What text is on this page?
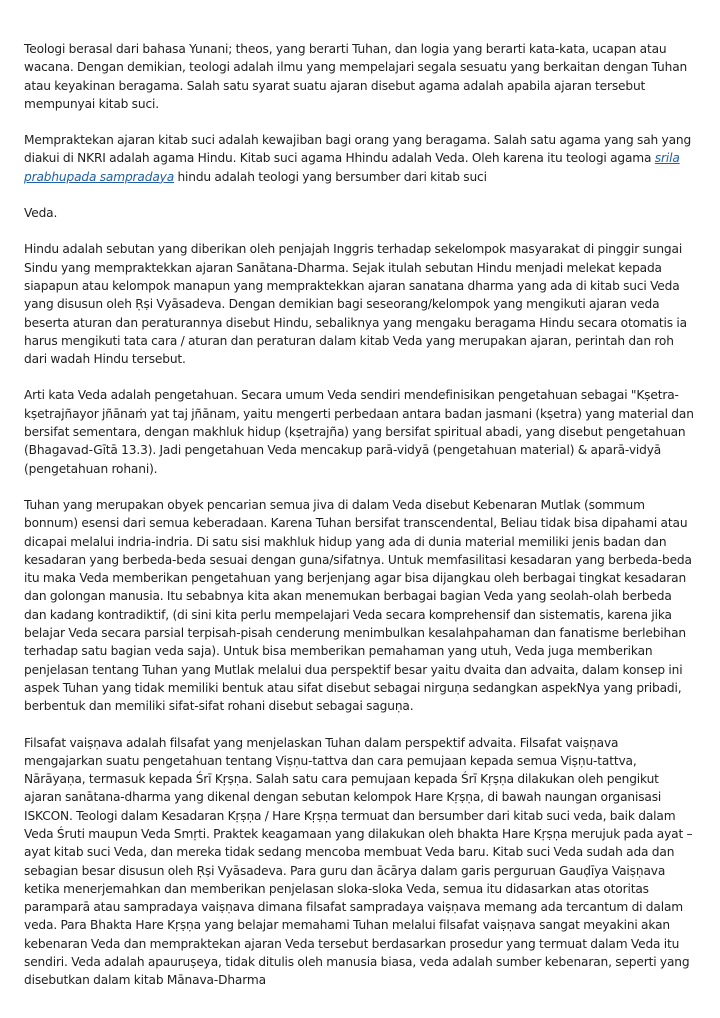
Teologi berasal dari bahasa Yunani; theos, yang berarti Tuhan, dan logia yang berarti kata-kata, ucapan atau wacana. Dengan demikian, teologi adalah ilmu yang mempelajari segala sesuatu yang berkaitan dengan Tuhan atau keyakinan beragama. Salah satu syarat suatu ajaran disebut agama adalah apabila ajaran tersebut mempunyai kitab suci.

Mempraktekan ajaran kitab suci adalah kewajiban bagi orang yang beragama. Salah satu agama yang sah yang diakui di NKRI adalah agama Hindu. Kitab suci agama Hhindu adalah Veda. Oleh karena itu teologi agama srila prabhupada sampradaya hindu adalah teologi yang bersumber dari kitab suci

Veda.

Hindu adalah sebutan yang diberikan oleh penjajah Inggris terhadap sekelompok masyarakat di pinggir sungai Sindu yang mempraktekkan ajaran Sanātana-Dharma. Sejak itulah sebutan Hindu menjadi melekat kepada siapapun atau kelompok manapun yang mempraktekkan ajaran sanatana dharma yang ada di kitab suci Veda yang disusun oleh Ṛṣi Vyāsadeva. Dengan demikian bagi seseorang/kelompok yang mengikuti ajaran veda beserta aturan dan peraturannya disebut Hindu, sebaliknya yang mengaku beragama Hindu secara otomatis ia harus mengikuti tata cara / aturan dan peraturan dalam kitab Veda yang merupakan ajaran, perintah dan roh dari wadah Hindu tersebut.

Arti kata Veda adalah pengetahuan. Secara umum Veda sendiri mendefinisikan pengetahuan sebagai "Kṣetra-kṣetrajñayor jñānaṁ yat taj jñānam, yaitu mengerti perbedaan antara badan jasmani (kṣetra) yang material dan bersifat sementara, dengan makhluk hidup (kṣetrajña) yang bersifat spiritual abadi, yang disebut pengetahuan (Bhagavad-Gītā 13.3). Jadi pengetahuan Veda mencakup parā-vidyā (pengetahuan material) & aparā-vidyā (pengetahuan rohani).

Tuhan yang merupakan obyek pencarian semua jiva di dalam Veda disebut Kebenaran Mutlak (sommum bonnum) esensi dari semua keberadaan. Karena Tuhan bersifat transcendental, Beliau tidak bisa dipahami atau dicapai melalui indria-indria. Di satu sisi makhluk hidup yang ada di dunia material memiliki jenis badan dan kesadaran yang berbeda-beda sesuai dengan guna/sifatnya. Untuk memfasilitasi kesadaran yang berbeda-beda itu maka Veda memberikan pengetahuan yang berjenjang agar bisa dijangkau oleh berbagai tingkat kesadaran dan golongan manusia. Itu sebabnya kita akan menemukan berbagai bagian Veda yang seolah-olah berbeda dan kadang kontradiktif, (di sini kita perlu mempelajari Veda secara komprehensif dan sistematis, karena jika belajar Veda secara parsial terpisah-pisah cenderung menimbulkan kesalahpahaman dan fanatisme berlebihan terhadap satu bagian veda saja). Untuk bisa memberikan pemahaman yang utuh, Veda juga memberikan penjelasan tentang Tuhan yang Mutlak melalui dua perspektif besar yaitu dvaita dan advaita, dalam konsep ini aspek Tuhan yang tidak memiliki bentuk atau sifat disebut sebagai nirguṇa sedangkan aspekNya yang pribadi, berbentuk dan memiliki sifat-sifat rohani disebut sebagai saguṇa.

Filsafat vaiṣṇava adalah filsafat yang menjelaskan Tuhan dalam perspektif advaita. Filsafat vaiṣṇava mengajarkan suatu pengetahuan tentang Viṣṇu-tattva dan cara pemujaan kepada semua Viṣṇu-tattva, Nārāyaṇa, termasuk kepada Śrī Kṛṣṇa. Salah satu cara pemujaan kepada Śrī Kṛṣṇa dilakukan oleh pengikut ajaran sanātana-dharma yang dikenal dengan sebutan kelompok Hare Kṛṣṇa, di bawah naungan organisasi ISKCON. Teologi dalam Kesadaran Kṛṣṇa / Hare Kṛṣṇa termuat dan bersumber dari kitab suci veda, baik dalam Veda Śruti maupun Veda Smṛti. Praktek keagamaan yang dilakukan oleh bhakta Hare Kṛṣṇa merujuk pada ayat –ayat kitab suci Veda, dan mereka tidak sedang mencoba membuat Veda baru. Kitab suci Veda sudah ada dan sebagian besar disusun oleh Ṛṣi Vyāsadeva. Para guru dan ācārya dalam garis perguruan Gauḍīya Vaiṣṇava ketika menerjemahkan dan memberikan penjelasan sloka-sloka Veda, semua itu didasarkan atas otoritas paramparā atau sampradaya vaiṣṇava dimana filsafat sampradaya vaiṣṇava memang ada tercantum di dalam veda. Para Bhakta Hare Kṛṣṇa yang belajar memahami Tuhan melalui filsafat vaiṣṇava sangat meyakini akan kebenaran Veda dan mempraktekan ajaran Veda tersebut berdasarkan prosedur yang termuat dalam Veda itu sendiri. Veda adalah apauruṣeya, tidak ditulis oleh manusia biasa, veda adalah sumber kebenaran, seperti yang disebutkan dalam kitab Mānava-Dharma
